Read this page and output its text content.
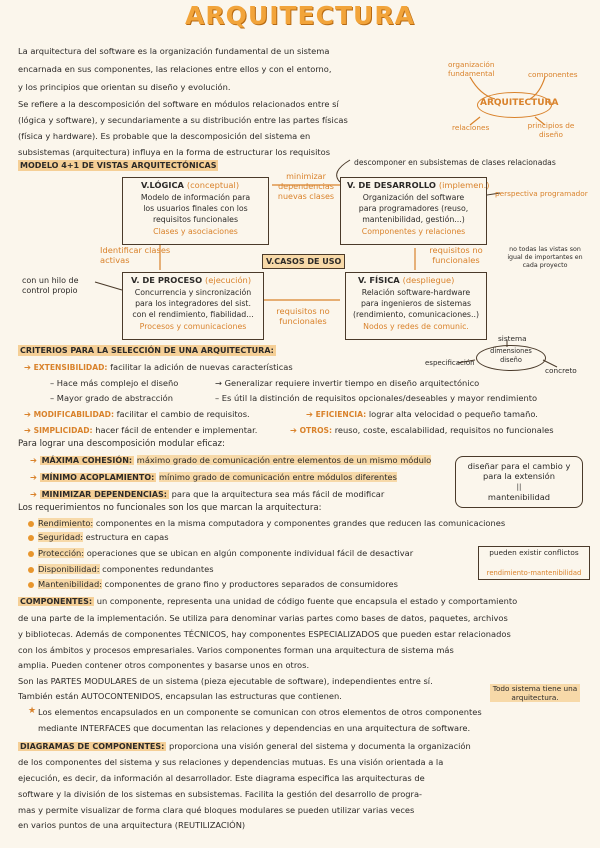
ARQUITECTURA
La arquitectura del software es la organización fundamental de un sistema
encarnada en sus componentes, las relaciones entre ellos y con el entorno,
y los principios que orientan su diseño y evolución.
Se refiere a la descomposición del software en módulos relacionados entre sí
(lógica y software), y secundariamente a su distribución entre las partes físicas
(física y hardware). Es probable que la descomposición del sistema en
subsistemas (arquitectura) influya en la forma de estructurar los requisitos
ARQUITECTURA
organización fundamental	componentes
relaciones	principios de diseño
MODELO 4+1 DE VISTAS ARQUITECTÓNICAS	descomponer en subsistemas de clases relacionadas
V.LÓGICA (conceptual)
Modelo de información para
los usuarios finales con los
requisitos funcionales
Clases y asociaciones
minimizar dependencias nuevas clases
V. DE DESARROLLO (implemen.)
Organización del software
para programadores (reuso,
mantenibilidad, gestión...)
Componentes y relaciones
perspectiva programador
Identificar clases activas	V.CASOS DE USO
requisitos no funcionales
no todas las vistas son igual de importantes en cada proyecto
con un hilo de control propio
V. DE PROCESO (ejecución)
Concurrencia y sincronización
para los integradores del sist.
con el rendimiento, fiabilidad...
Procesos y comunicaciones
requisitos no funcionales
V. FÍSICA (despliegue)
Relación software-hardware
para ingenieros de sistemas
(rendimiento, comunicaciones..)
Nodos y redes de comunic.
CRITERIOS PARA LA SELECCIÓN DE UNA ARQUITECTURA:
sistema
dimensiones diseño
especificación
concreto
➔ EXTENSIBILIDAD: facilitar la adición de nuevas características
– Hace más complejo el diseño	→ Generalizar requiere invertir tiempo en diseño arquitectónico
– Mayor grado de abstracción	– Es útil la distinción de requisitos opcionales/deseables y mayor rendimiento
➔ MODIFICABILIDAD: facilitar el cambio de requisitos.	➔ EFICIENCIA: lograr alta velocidad o pequeño tamaño.
➔ SIMPLICIDAD: hacer fácil de entender e implementar.	➔ OTROS: reuso, coste, escalabilidad, requisitos no funcionales
Para lograr una descomposición modular eficaz:
➔ MÁXIMA COHESIÓN: máximo grado de comunicación entre elementos de un mismo módulo
➔ MÍNIMO ACOPLAMIENTO: mínimo grado de comunicación entre módulos diferentes
➔ MINIMIZAR DEPENDENCIAS: para que la arquitectura sea más fácil de modificar
diseñar para el cambio y para la extensión
||
mantenibilidad
Los requerimientos no funcionales son los que marcan la arquitectura:
Rendimiento: componentes en la misma computadora y componentes grandes que reducen las comunicaciones
Seguridad: estructura en capas
Protección: operaciones que se ubican en algún componente individual fácil de desactivar
Disponibilidad: componentes redundantes
Mantenibilidad: componentes de grano fino y productores separados de consumidores
pueden existir conflictos
rendimiento-mantenibilidad
COMPONENTES: un componente, representa una unidad de código fuente que encapsula el estado y comportamiento
de una parte de la implementación. Se utiliza para denominar varias partes como bases de datos, paquetes, archivos
y bibliotecas. Además de componentes TÉCNICOS, hay componentes ESPECIALIZADOS que pueden estar relacionados
con los ámbitos y procesos empresariales. Varios componentes forman una arquitectura de sistema más
amplia. Pueden contener otros componentes y basarse unos en otros.
Son las PARTES MODULARES de un sistema (pieza ejecutable de software), independientes entre sí.
También están AUTOCONTENIDOS, encapsulan las estructuras que contienen.
Todo sistema tiene una arquitectura.
★ Los elementos encapsulados en un componente se comunican con otros elementos de otros componentes
mediante INTERFACES que documentan las relaciones y dependencias en una arquitectura de software.
DIAGRAMAS DE COMPONENTES: proporciona una visión general del sistema y documenta la organización
de los componentes del sistema y sus relaciones y dependencias mutuas. Es una visión orientada a la
ejecución, es decir, da información al desarrollador. Este diagrama especifica las arquitecturas de
software y la división de los sistemas en subsistemas. Facilita la gestión del desarrollo de progra-
mas y permite visualizar de forma clara qué bloques modulares se pueden utilizar varias veces
en varios puntos de una arquitectura (REUTILIZACIÓN)
